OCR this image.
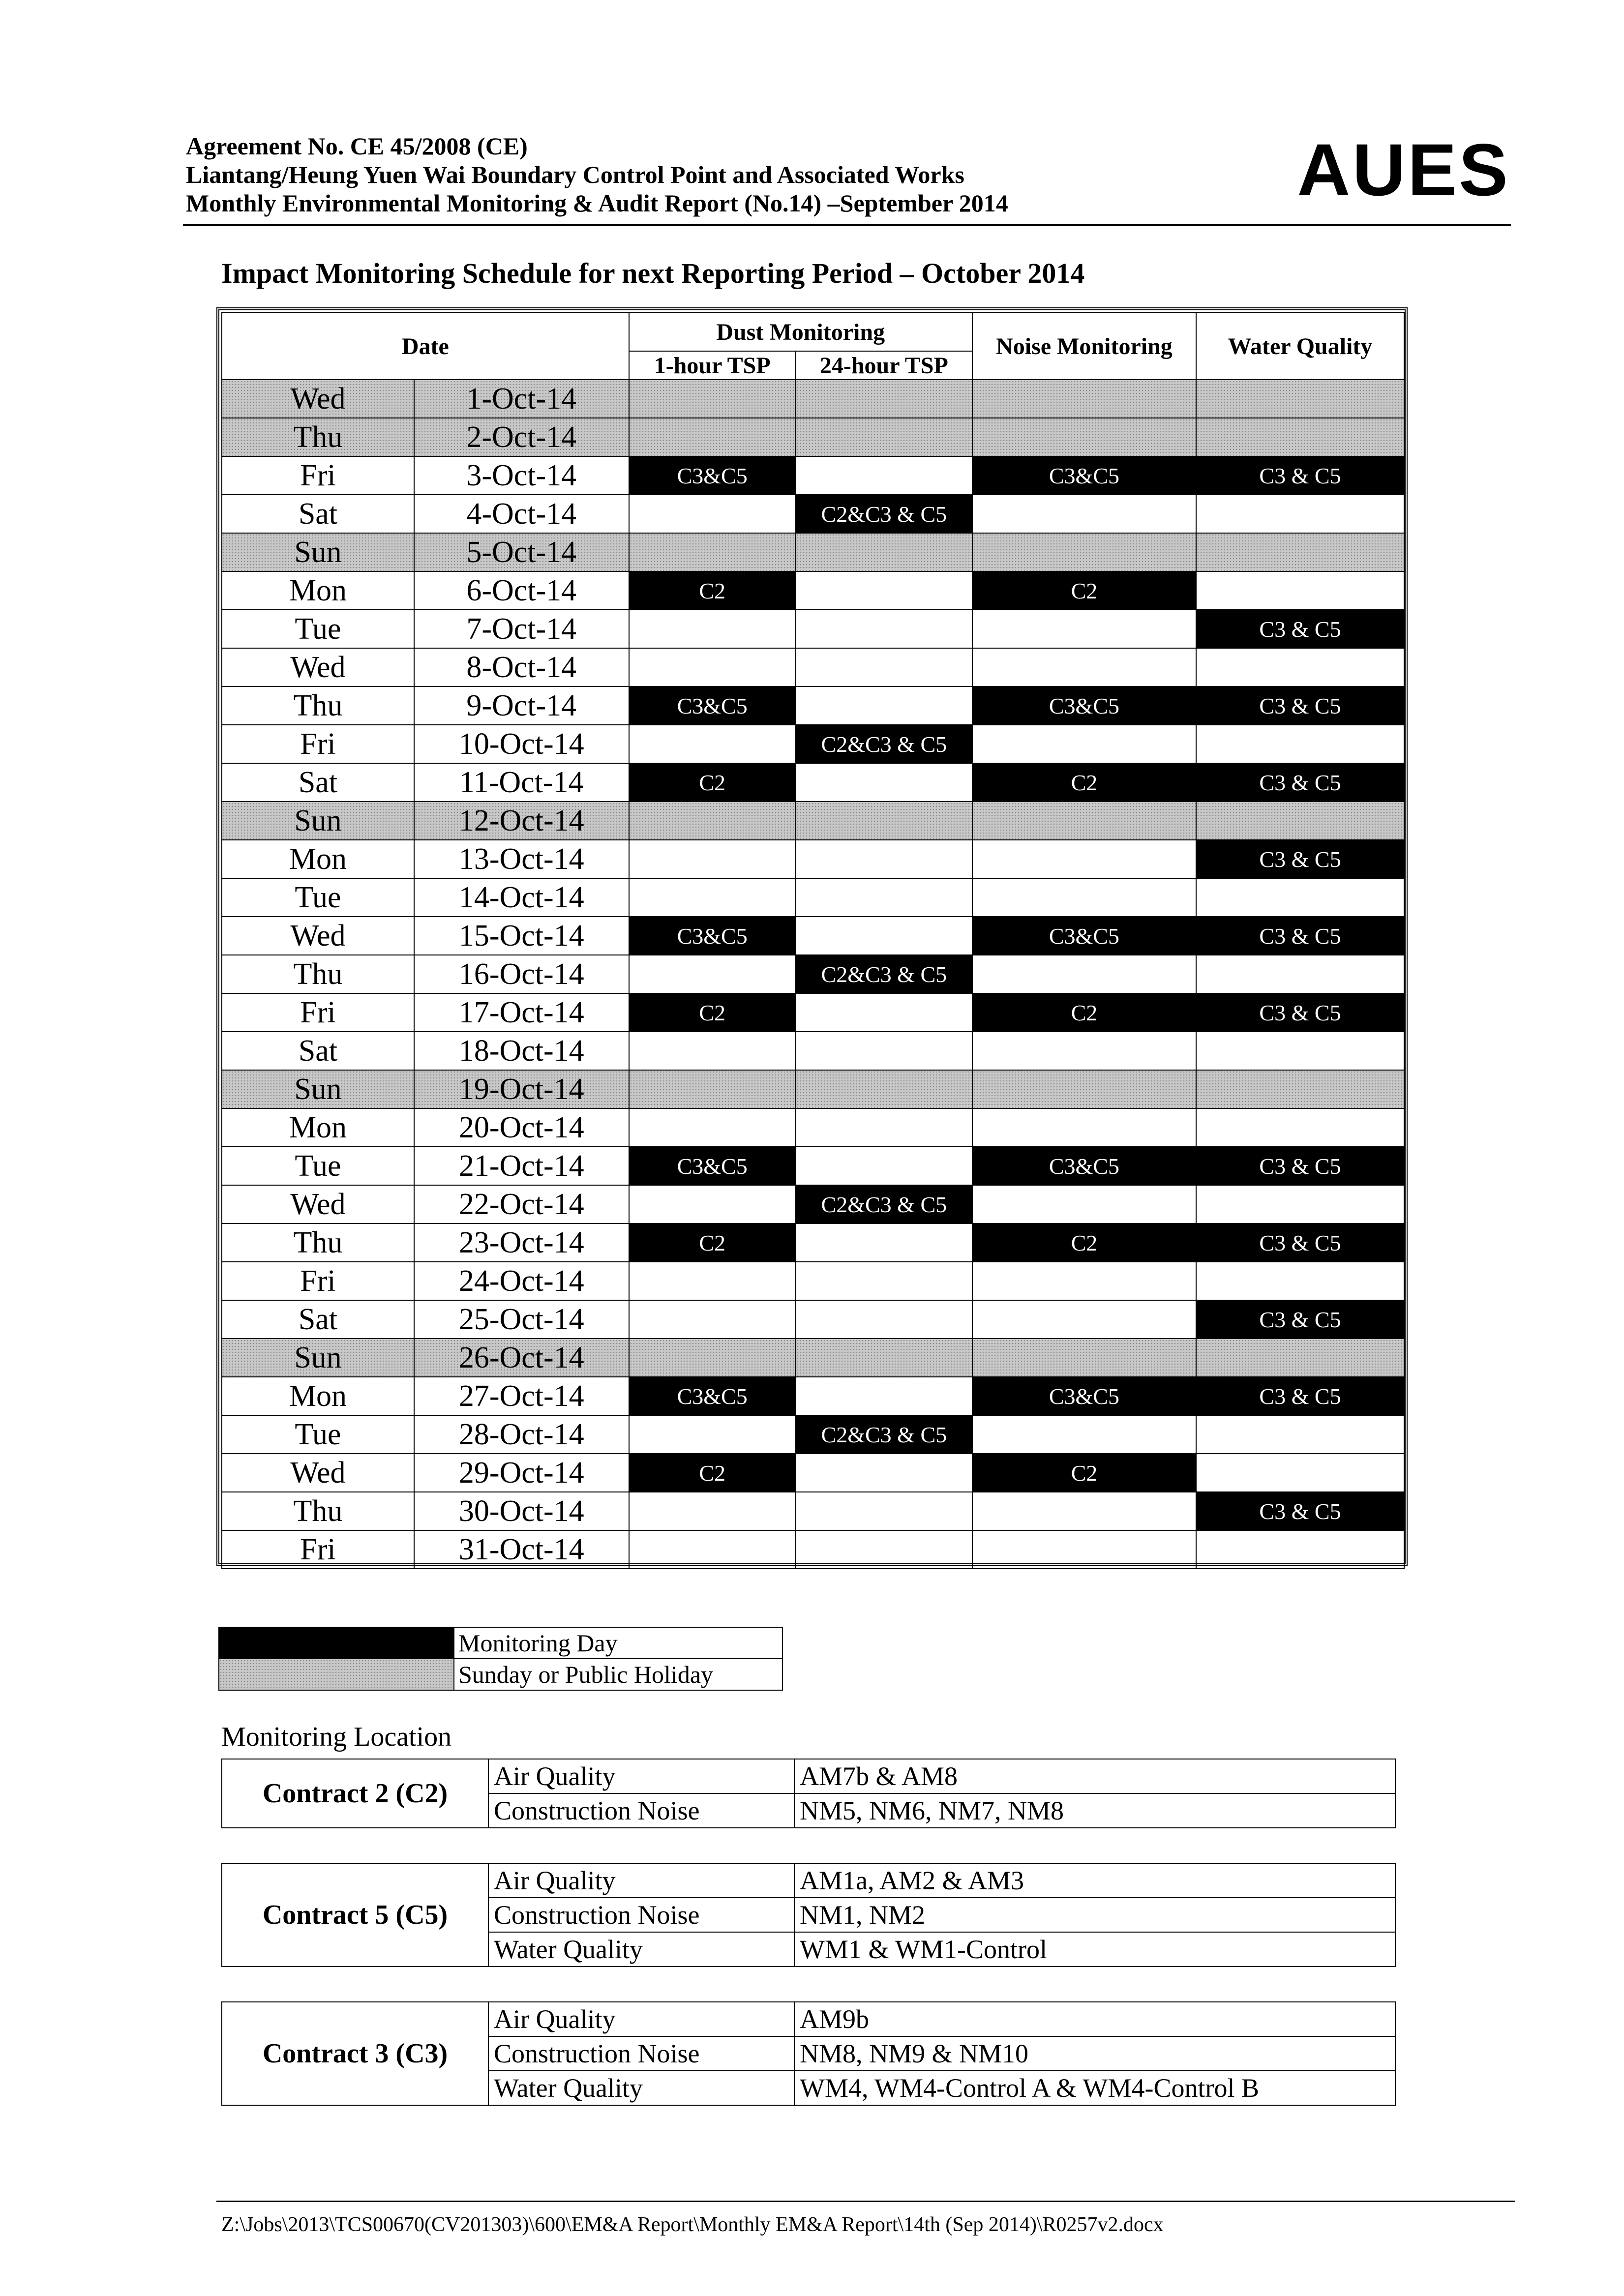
Agreement No. CE 45/2008 (CE)
Liantang/Heung Yuen Wai Boundary Control Point and Associated Works
Monthly Environmental Monitoring & Audit Report (No.14) –September 2014	AUES
Impact Monitoring Schedule for next Reporting Period – October 2014
Date		Dust Monitoring		Noise Monitoring	Water Quality
		1-hour TSP	24-hour TSP		
Wed	1-Oct-14				
Thu	2-Oct-14				
Fri	3-Oct-14	C3&C5		C3&C5	C3 & C5
Sat	4-Oct-14		C2&C3 & C5		
Sun	5-Oct-14				
Mon	6-Oct-14	C2		C2	
Tue	7-Oct-14				C3 & C5
Wed	8-Oct-14				
Thu	9-Oct-14	C3&C5		C3&C5	C3 & C5
Fri	10-Oct-14		C2&C3 & C5		
Sat	11-Oct-14	C2		C2	C3 & C5
Sun	12-Oct-14				
Mon	13-Oct-14				C3 & C5
Tue	14-Oct-14				
Wed	15-Oct-14	C3&C5		C3&C5	C3 & C5
Thu	16-Oct-14		C2&C3 & C5		
Fri	17-Oct-14	C2		C2	C3 & C5
Sat	18-Oct-14				
Sun	19-Oct-14				
Mon	20-Oct-14				
Tue	21-Oct-14	C3&C5		C3&C5	C3 & C5
Wed	22-Oct-14		C2&C3 & C5		
Thu	23-Oct-14	C2		C2	C3 & C5
Fri	24-Oct-14				
Sat	25-Oct-14				C3 & C5
Sun	26-Oct-14				
Mon	27-Oct-14	C3&C5		C3&C5	C3 & C5
Tue	28-Oct-14		C2&C3 & C5		
Wed	29-Oct-14	C2		C2	
Thu	30-Oct-14				C3 & C5
Fri	31-Oct-14				
	Monitoring Day
	Sunday or Public Holiday
Monitoring Location
Contract 2 (C2)	Air Quality	AM7b & AM8
	Construction Noise	NM5, NM6, NM7, NM8
Contract 5 (C5)	Air Quality	AM1a, AM2 & AM3
	Construction Noise	NM1, NM2
	Water Quality	WM1 & WM1-Control
Contract 3 (C3)	Air Quality	AM9b
	Construction Noise	NM8, NM9 & NM10
	Water Quality	WM4, WM4-Control A & WM4-Control B
Z:\Jobs\2013\TCS00670(CV201303)\600\EM&A Report\Monthly EM&A Report\14th (Sep 2014)\R0257v2.docx
